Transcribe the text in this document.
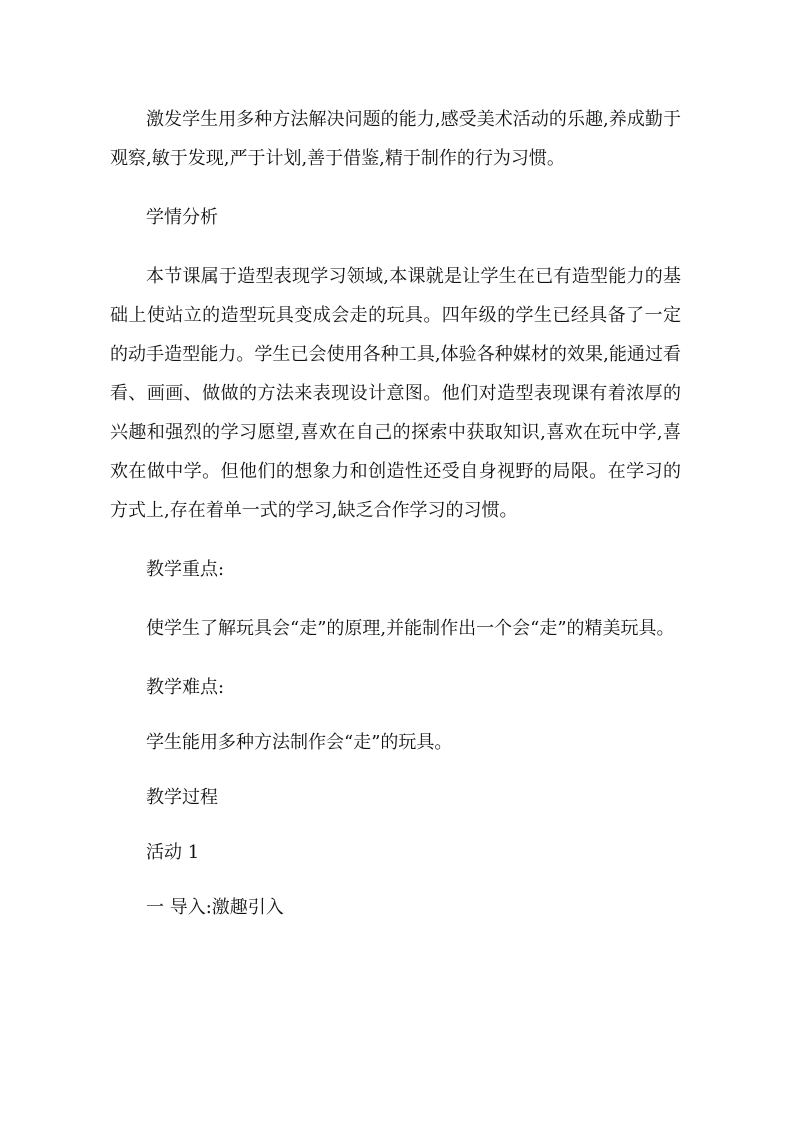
激发学生用多种方法解决问题的能力,感受美术活动的乐趣,养成勤于观察,敏于发现,严于计划,善于借鉴,精于制作的行为习惯。

学情分析

本节课属于造型表现学习领域,本课就是让学生在已有造型能力的基础上使站立的造型玩具变成会走的玩具。四年级的学生已经具备了一定的动手造型能力。学生已会使用各种工具,体验各种媒材的效果,能通过看看、画画、做做的方法来表现设计意图。他们对造型表现课有着浓厚的兴趣和强烈的学习愿望,喜欢在自己的探索中获取知识,喜欢在玩中学,喜欢在做中学。但他们的想象力和创造性还受自身视野的局限。在学习的方式上,存在着单一式的学习,缺乏合作学习的习惯。

教学重点:

使学生了解玩具会“走”的原理,并能制作出一个会“走”的精美玩具。

教学难点:

学生能用多种方法制作会“走”的玩具。

教学过程

活动 1

一 导入:激趣引入
